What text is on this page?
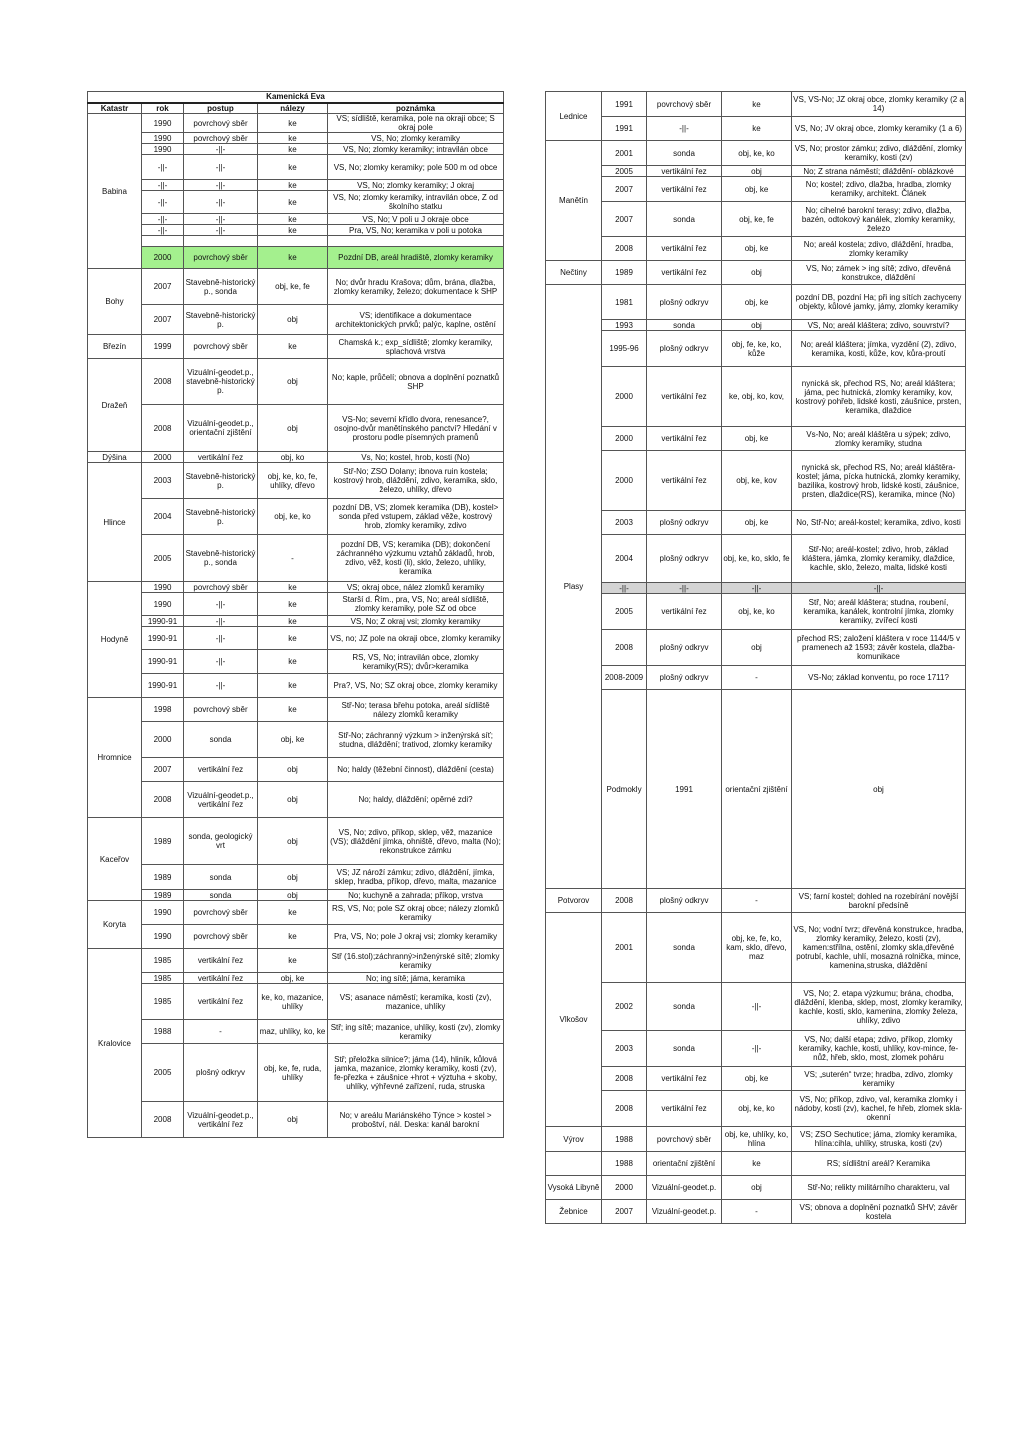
Kamenická Eva				
Katastr	rok	postup	nálezy	poznámka
Babina	1990	povrchový sběr	ke	VS; sídliště, keramika, pole na okraji obce; S okraj pole
	1990	povrchový sběr	ke	VS, No; zlomky keramiky
	1990	-||-	ke	VS, No; zlomky keramiky; intravilán obce
	-||-	-||-	ke	VS, No; zlomky keramiky; pole 500 m od obce
	-||-	-||-	ke	VS, No; zlomky keramiky; J okraj
	-||-	-||-	ke	VS, No; zlomky keramiky, intravilán obce, Z od školního statku
	-||-	-||-	ke	VS, No; V poli u J okraje obce
	-||-	-||-	ke	Pra, VS, No; keramika v poli u potoka

	2000	povrchový sběr	ke	Pozdní DB, areál hradiště, zlomky keramiky
Bohy	2007	Stavebně-historický p., sonda	obj, ke, fe	No; dvůr hradu Krašova; dům, brána, dlažba, zlomky keramiky, železo; dokumentace k SHP
	2007	Stavebně-historický p.	obj	VS; identifikace a dokumentace architektonických prvků; palýc, kaplne, ostění
Březín	1999	povrchový sběr	ke	Chamská k.; exp_sídliště; zlomky keramiky, splachová vrstva
Dražeň	2008	Vizuální-geodet.p., stavebně-historický p.	obj	No; kaple, průčelí; obnova a doplnění poznatků SHP
	2008	Vizuální-geodet.p., orientační zjištění	obj	VS-No; severní křídlo dvora, renesance?, osojno-dvůr manětínského panctví? Hledání v prostoru podle písemných pramenů
Dýšina	2000	vertikální řez	obj, ko	Vs, No; kostel, hrob, kosti (No)
Hlince	2003	Stavebně-historický p.	obj, ke, ko, fe, uhlíky, dřevo	Stř-No; ZSO Dolany; ibnova ruin kostela; kostrový hrob, dláždění, zdivo, keramika, sklo, železo, uhlíky, dřevo
	2004	Stavebně-historický p.	obj, ke, ko	pozdní DB, VS; zlomek keramika (DB), kostel> sonda před vstupem, základ věže, kostrový hrob, zlomky keramiky, zdivo
	2005	Stavebně-historický p., sonda	-	pozdní DB, VS; keramika (DB); dokončení záchranného výzkumu vztahů základů, hrob, zdivo, věž, kosti (li), sklo, železo, uhlíky, keramika
Hodyně	1990	povrchový sběr	ke	VS; okraj obce, nález zlomků keramiky
	1990	-||-	ke	Starší d. Řím., pra, VS, No; areál sídliště, zlomky keramiky, pole SZ od obce
	1990-91	-||-	ke	VS, No; Z okraj vsi; zlomky keramiky
	1990-91	-||-	ke	VS, no; JZ pole na okraji obce, zlomky keramiky
	1990-91	-||-	ke	RS, VS, No; intravilán obce, zlomky keramiky(RS); dvůr>keramika
	1990-91	-||-	ke	Pra?, VS, No; SZ okraj obce, zlomky keramiky
Hromnice	1998	povrchový sběr	ke	Stř-No; terasa břehu potoka, areál sídliště nálezy zlomků keramiky
	2000	sonda	obj, ke	Stř-No; záchranný výzkum > inženýrská síť; studna, dláždění; trativod, zlomky keramiky
	2007	vertikální řez	obj	No; haldy (těžební činnost), dláždění (cesta)
	2008	Vizuální-geodet.p., vertikální řez	obj	No; haldy, dláždění; opěrné zdi?
Kaceřov	1989	sonda, geologický vrt	obj	VS, No; zdivo, příkop, sklep, věž, mazanice (VS); dláždění jímka, ohniště, dřevo, malta (No); rekonstrukce zámku
	1989	sonda	obj	VS; JZ nároží zámku; zdivo, dláždění, jímka, sklep, hradba, příkop, dřevo, malta, mazanice
	1989	sonda	obj	No; kuchyně a zahrada; příkop, vrstva
Koryta	1990	povrchový sběr	ke	RS, VS, No; pole SZ okraj obce; nálezy zlomků keramiky
	1990	povrchový sběr	ke	Pra, VS, No; pole J okraj vsi; zlomky keramiky
Kralovice	1985	vertikální řez	ke	Stř (16.stol);záchranný>inženýrské sítě; zlomky keramiky
	1985	vertikální řez	obj, ke	No; ing sítě; jáma, keramika
	1985	vertikální řez	ke, ko, mazanice, uhlíky	VS; asanace náměstí; keramika, kosti (zv), mazanice, uhlíky
	1988	-	maz, uhlíky, ko, ke	Stř; ing sítě; mazanice, uhlíky, kosti (zv), zlomky keramiky
	2005	plošný odkryv	obj, ke, fe, ruda, uhlíky	Stř; přeložka silnice?; jáma (14), hliník, kůlová jamka, mazanice, zlomky keramiky, kosti (zv), fe-přezka + záušnice +hrot + výztuha + skoby, uhlíky, výhřevné zařízení, ruda, struska
	2008	Vizuální-geodet.p., vertikální řez	obj	No; v areálu Mariánského Týnce > kostel > proboštví, nál. Deska: kanál barokní
Lednice	1991	povrchový sběr	ke	VS, VS-No; JZ okraj obce, zlomky keramiky (2 a 14)	
	1991	-||-	ke	VS, No; JV okraj obce, zlomky keramiky (1 a 6)	
Manětín	2001	sonda	obj, ke, ko	VS, No; prostor zámku; zdivo, dláždění, zlomky keramiky, kosti (zv)	
	2005	vertikální řez	obj	No; Z strana náměstí; dláždění- oblázkové	
	2007	vertikální řez	obj, ke	No; kostel; zdivo, dlažba, hradba, zlomky keramiky, architekt. Článek	
	2007	sonda	obj, ke, fe	No; cihelné barokní terasy; zdivo, dlažba, bazén, odtokový kanálek, zlomky keramiky, železo	
	2008	vertikální řez	obj, ke	No; areál kostela; zdivo, dláždění, hradba, zlomky keramiky	
Nečtiny	1989	vertikální řez	obj	VS, No; zámek > ing sítě; zdivo, dřevěná konstrukce, dláždění	
Plasy	1981	plošný odkryv	obj, ke	pozdní DB, pozdní Ha; při ing sítích zachyceny objekty, kůlové jamky, jámy, zlomky keramiky	
	1993	sonda	obj	VS, No; areál kláštera; zdivo, souvrství?	
	1995-96	plošný odkryv	obj, fe, ke, ko, kůže	No; areál kláštera; jímka, vyzdění (2), zdivo, keramika, kosti, kůže, kov, kůra-proutí	
	2000	vertikální řez	ke, obj, ko, kov,	nynická sk, přechod RS, No; areál kláštera; jáma, pec hutnická, zlomky keramiky, kov, kostrový pohřeb, lidské kosti, záušnice, prsten, keramika, dlaždice	
	2000	vertikální řez	obj, ke	Vs-No, No; areál kláštěra u sýpek; zdivo, zlomky keramiky, studna	
	2000	vertikální řez	obj, ke, kov	nynická sk, přechod RS, No; areál kláštěra-kostel; jáma, pícka hutnická, zlomky keramiky, bazilika, kostrový hrob, lidské kosti, záušnice, prsten, dlaždice(RS), keramika, mince (No)	
	2003	plošný odkryv	obj, ke	No, Stř-No; areál-kostel; keramika, zdivo, kosti	
	2004	plošný odkryv	obj, ke, ko, sklo, fe	Stř-No; areál-kostel; zdivo, hrob, základ kláštera, jámka, zlomky keramiky, dlaždice, kachle, sklo, železo, malta, lidské kosti	
	-||-	-||-	-||-	-||-	
	2005	vertikální řez	obj, ke, ko	Stř, No; areál kláštera; studna, roubení, keramika, kanálek, kontrolní jímka, zlomky keramiky, zvířecí kosti	
	2008	plošný odkryv	obj	přechod RS; založení kláštera v roce 1144/5 v pramenech až 1593; závěr kostela, dlažba-komunikace	
	2008-2009	plošný odkryv	-	VS-No; základ konventu, po roce 1711?	
	Podmokly	1991	orientační zjištění	obj	
Potvorov	2008	plošný odkryv	-	VS; farní kostel; dohled na rozebírání novější barokní předsíně	
Vlkošov	2001	sonda	obj, ke, fe, ko, kam, sklo, dřevo, maz	VS, No; vodní tvrz; dřevěná konstrukce, hradba, zlomky keramiky, železo, kosti (zv), kamen:střílna, ostění, zlomky skla,dřevěné potrubí, kachle, uhlí, mosazná rolnička, mince, kamenina,struska, dláždění	
	2002	sonda	-||-	VS, No; 2. etapa výzkumu; brána, chodba, dláždění, klenba, sklep, most, zlomky keramiky, kachle, kosti, sklo, kamenina, zlomky železa, uhlíky, zdivo	
	2003	sonda	-||-	VS, No; další etapa; zdivo, příkop, zlomky keramiky, kachle, kosti, uhlíky, kov-mince, fe-nůž, hřeb, sklo, most, zlomek poháru	
	2008	vertikální řez	obj, ke	VS; „suterén“ tvrze; hradba, zdivo, zlomky keramiky	
	2008	vertikální řez	obj, ke, ko	VS, No; příkop, zdivo, val, keramika zlomky i nádoby, kosti (zv), kachel, fe hřeb, zlomek skla- okenní	
Výrov	1988	povrchový sběr	obj, ke, uhlíky, ko, hlína	VS; ZSO Sechutice; jáma, zlomky keramika, hlína:cihla, uhlíky, struska, kosti (zv)	
	1988	orientační zjištění	ke	RS; sídlištní areál? Keramika	
Vysoká Libyně	2000	Vizuální-geodet.p.	obj	Stř-No; relikty militárního charakteru, val	
Žebnice	2007	Vizuální-geodet.p.	-	VS; obnova a doplnění poznatků SHV; závěr kostela	
